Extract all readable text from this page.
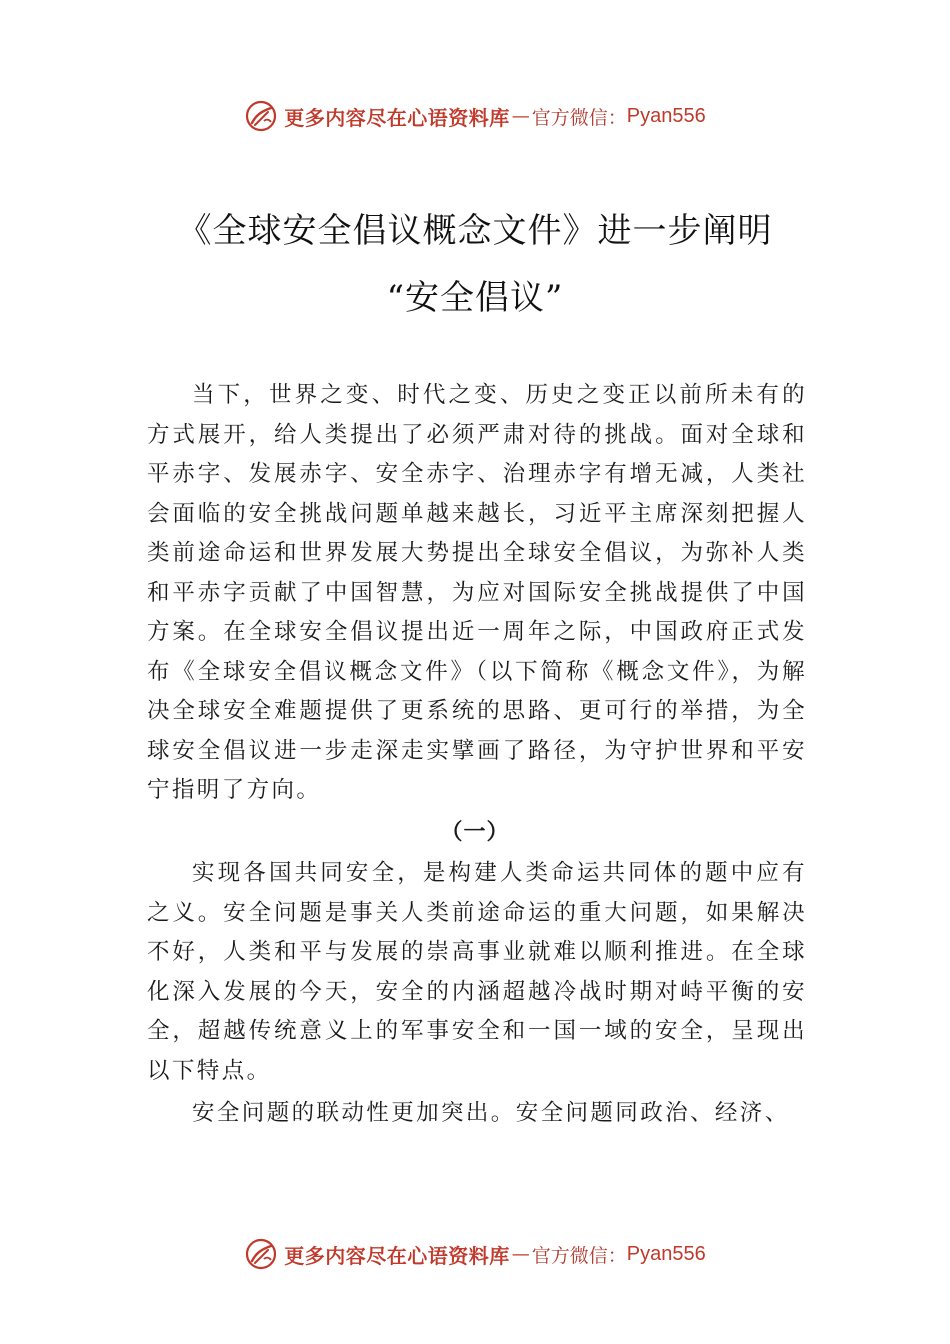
更多内容尽在心语资料库 — 官方微信： Pyan556
《全球安全倡议概念文件》进一步阐明
“安全倡议”
当下，世界之变、时代之变、历史之变正以前所未有的方式展开，给人类提出了必须严肃对待的挑战。面对全球和平赤字、发展赤字、安全赤字、治理赤字有增无减，人类社 会面临的安全挑战问题单越来越长，习近平主席深刻把握人类前途命运和世界发展大势提出全球安全倡议，为弥补人类和平赤字贡献了中国智慧，为应对国际安全挑战提供了中国方案。在全球安全倡议提出近一周年之际，中国政府正式发布《全球安全倡议概念文件》（以下简称《概念文件》，为解决全球安全难题提供了更系统的思路、更可行的举措，为全球安全倡议进一步走深走实擘画了路径，为守护世界和平安宁指明了方向。
（一）
实现各国共同安全，是构建人类命运共同体的题中应有之义。安全问题是事关人类前途命运的重大问题，如果解决不好，人类和平与发展的崇高事业就难以顺利推进。在全球化深入发展的今天，安全的内涵超越冷战时期对峙平衡的安全，超越传统意义上的军事安全和一国一域的安全，呈现出以下特点。
安全问题的联动性更加突出。安全问题同政治、经济、
更多内容尽在心语资料库 — 官方微信： Pyan556
